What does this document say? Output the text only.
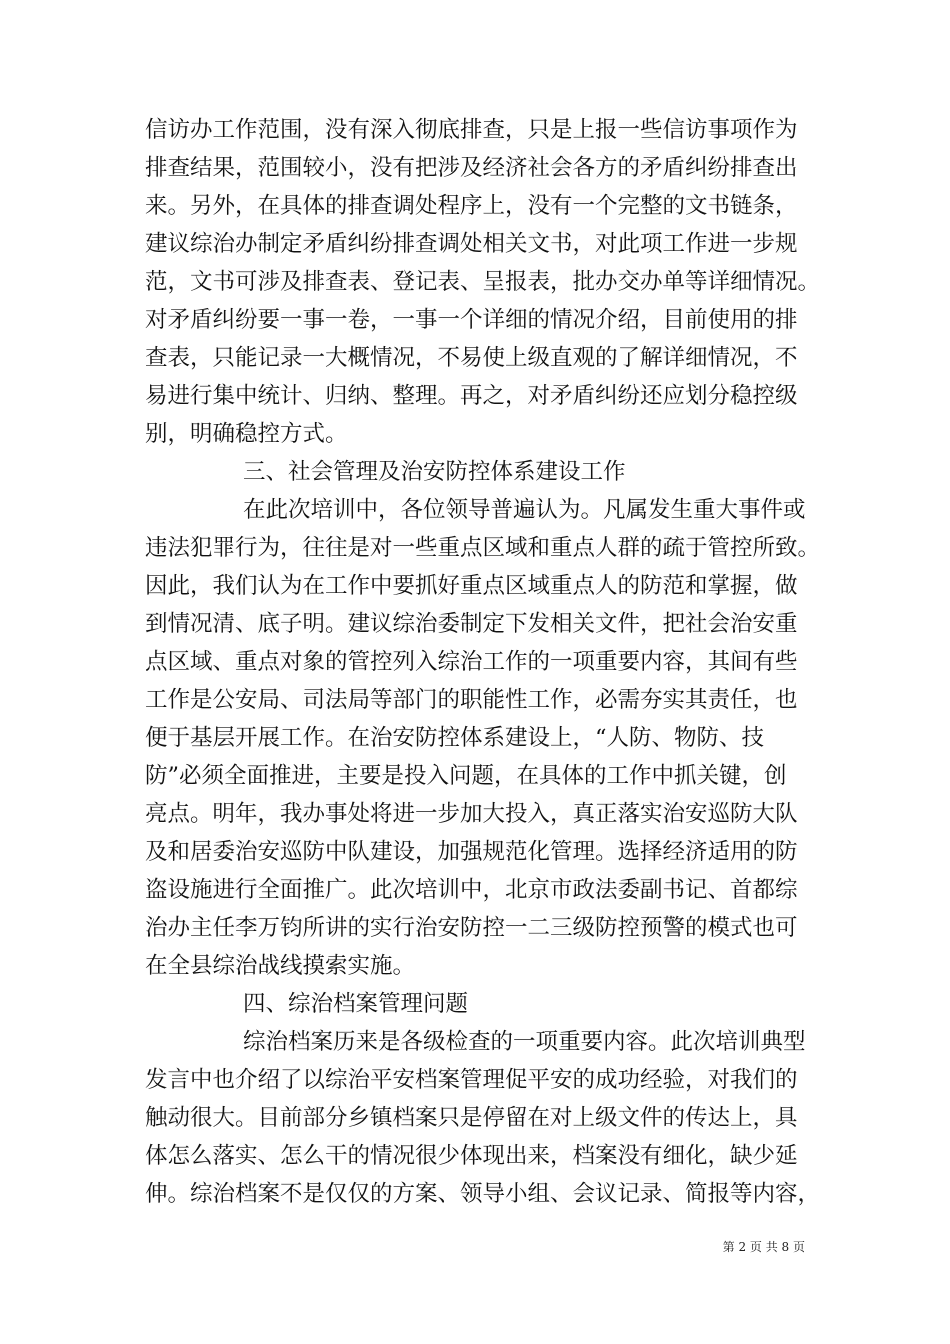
信访办工作范围，没有深入彻底排查，只是上报一些信访事项作为
排查结果，范围较小，没有把涉及经济社会各方的矛盾纠纷排查出
来。另外，在具体的排查调处程序上，没有一个完整的文书链条，
建议综治办制定矛盾纠纷排查调处相关文书，对此项工作进一步规
范，文书可涉及排查表、登记表、呈报表，批办交办单等详细情况。
对矛盾纠纷要一事一卷，一事一个详细的情况介绍，目前使用的排
查表，只能记录一大概情况，不易使上级直观的了解详细情况，不
易进行集中统计、归纳、整理。再之，对矛盾纠纷还应划分稳控级
别，明确稳控方式。
三、社会管理及治安防控体系建设工作
在此次培训中，各位领导普遍认为。凡属发生重大事件或
违法犯罪行为，往往是对一些重点区域和重点人群的疏于管控所致。
因此，我们认为在工作中要抓好重点区域重点人的防范和掌握，做
到情况清、底子明。建议综治委制定下发相关文件，把社会治安重
点区域、重点对象的管控列入综治工作的一项重要内容，其间有些
工作是公安局、司法局等部门的职能性工作，必需夯实其责任，也
便于基层开展工作。在治安防控体系建设上，“人防、物防、技
防”必须全面推进，主要是投入问题，在具体的工作中抓关键，创
亮点。明年，我办事处将进一步加大投入，真正落实治安巡防大队
及和居委治安巡防中队建设，加强规范化管理。选择经济适用的防
盗设施进行全面推广。此次培训中，北京市政法委副书记、首都综
治办主任李万钧所讲的实行治安防控一二三级防控预警的模式也可
在全县综治战线摸索实施。
四、综治档案管理问题
综治档案历来是各级检查的一项重要内容。此次培训典型
发言中也介绍了以综治平安档案管理促平安的成功经验，对我们的
触动很大。目前部分乡镇档案只是停留在对上级文件的传达上，具
体怎么落实、怎么干的情况很少体现出来，档案没有细化，缺少延
伸。综治档案不是仅仅的方案、领导小组、会议记录、简报等内容，
第 2 页 共 8 页
